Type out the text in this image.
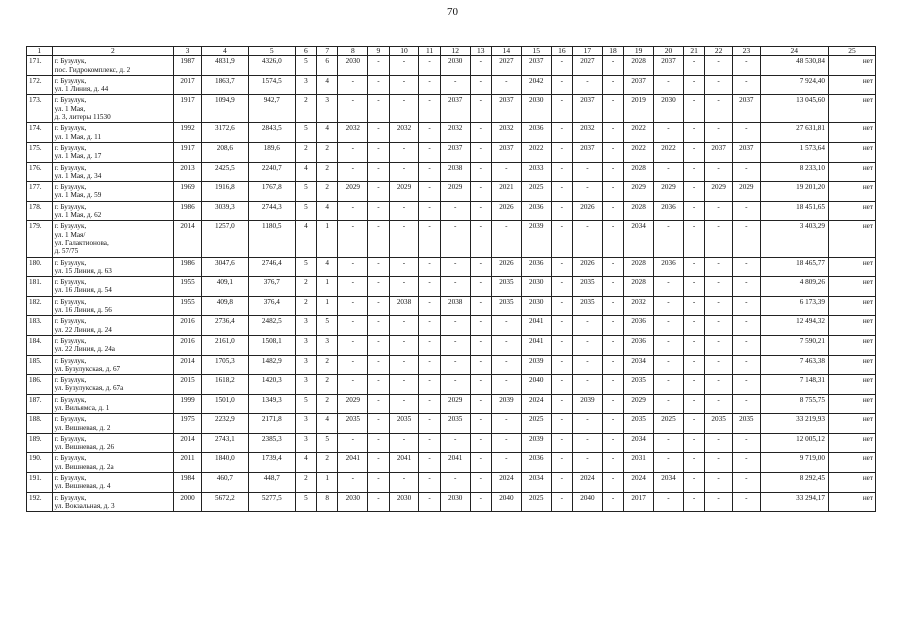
70
1	2	3	4	5	6	7	8	9	10	11	12	13	14	15	16	17	18	19	20	21	22	23	24	25
171.	г. Бузулук,
пос. Гидрокомплекс, д. 2	1987	4831,9	4326,0	5	6	2030	-	-	-	2030	-	2027	2037	-	2027	-	2028	2037	-	-	-	48 530,84	нет
172.	г. Бузулук,
ул. 1 Линия, д. 44	2017	1863,7	1574,5	3	4	-	-	-	-	-	-	-	2042	-	-	-	2037	-	-	-	-	7 924,40	нет
173.	г. Бузулук,
ул. 1 Мая,
д. 3, литеры 11530	1917	1094,9	942,7	2	3	-	-	-	-	2037	-	2037	2030	-	2037	-	2019	2030	-	-	2037	13 045,60	нет
174.	г. Бузулук,
ул. 1 Мая, д. 11	1992	3172,6	2843,5	5	4	2032	-	2032	-	2032	-	2032	2036	-	2032	-	2022	-	-	-	-	27 631,81	нет
175.	г. Бузулук,
ул. 1 Мая, д. 17	1917	208,6	189,6	2	2	-	-	-	-	2037	-	2037	2022	-	2037	-	2022	2022	-	2037	2037	1 573,64	нет
176.	г. Бузулук,
ул. 1 Мая, д. 34	2013	2425,5	2240,7	4	2	-	-	-	-	2038	-	-	2033	-	-	-	2028	-	-	-	-	8 233,10	нет
177.	г. Бузулук,
ул. 1 Мая, д. 59	1969	1916,8	1767,8	5	2	2029	-	2029	-	2029	-	2021	2025	-	-	-	2029	2029	-	2029	2029	19 201,20	нет
178.	г. Бузулук,
ул. 1 Мая, д. 62	1986	3039,3	2744,3	5	4	-	-	-	-	-	-	2026	2036	-	2026	-	2028	2036	-	-	-	18 451,65	нет
179.	г. Бузулук,
ул. 1 Мая/
ул. Галактионова,
д. 57/75	2014	1257,0	1180,5	4	1	-	-	-	-	-	-	-	2039	-	-	-	2034	-	-	-	-	3 403,29	нет
180.	г. Бузулук,
ул. 15 Линия, д. 63	1986	3047,6	2746,4	5	4	-	-	-	-	-	-	2026	2036	-	2026	-	2028	2036	-	-	-	18 465,77	нет
181.	г. Бузулук,
ул. 16 Линия, д. 54	1955	409,1	376,7	2	1	-	-	-	-	-	-	2035	2030	-	2035	-	2028	-	-	-	-	4 809,26	нет
182.	г. Бузулук,
ул. 16 Линия, д. 56	1955	409,8	376,4	2	1	-	-	2038	-	2038	-	2035	2030	-	2035	-	2032	-	-	-	-	6 173,39	нет
183.	г. Бузулук,
ул. 22 Линия, д. 24	2016	2736,4	2482,5	3	5	-	-	-	-	-	-	-	2041	-	-	-	2036	-	-	-	-	12 494,32	нет
184.	г. Бузулук,
ул. 22 Линия, д. 24а	2016	2161,0	1508,1	3	3	-	-	-	-	-	-	-	2041	-	-	-	2036	-	-	-	-	7 590,21	нет
185.	г. Бузулук,
ул. Бузулукская, д. 67	2014	1705,3	1482,9	3	2	-	-	-	-	-	-	-	2039	-	-	-	2034	-	-	-	-	7 463,38	нет
186.	г. Бузулук,
ул. Бузулукская, д. 67а	2015	1618,2	1420,3	3	2	-	-	-	-	-	-	-	2040	-	-	-	2035	-	-	-	-	7 148,31	нет
187.	г. Бузулук,
ул. Вильямса, д. 1	1999	1501,0	1349,3	5	2	2029	-	-	-	2029	-	2039	2024	-	2039	-	2029	-	-	-	-	8 755,75	нет
188.	г. Бузулук,
ул. Вишневая, д. 2	1975	2232,9	2171,8	3	4	2035	-	2035	-	2035	-	-	2025	-	-	-	2035	2025	-	2035	2035	33 219,93	нет
189.	г. Бузулук,
ул. Вишневая, д. 26	2014	2743,1	2385,3	3	5	-	-	-	-	-	-	-	2039	-	-	-	2034	-	-	-	-	12 005,12	нет
190.	г. Бузулук,
ул. Вишневая, д. 2а	2011	1840,0	1739,4	4	2	2041	-	2041	-	2041	-	-	2036	-	-	-	2031	-	-	-	-	9 719,00	нет
191.	г. Бузулук,
ул. Вишневая, д. 4	1984	460,7	448,7	2	1	-	-	-	-	-	-	2024	2034	-	2024	-	2024	2034	-	-	-	8 292,45	нет
192.	г. Бузулук,
ул. Вокзальная, д. 3	2000	5672,2	5277,5	5	8	2030	-	2030	-	2030	-	2040	2025	-	2040	-	2017	-	-	-	-	33 294,17	нет
